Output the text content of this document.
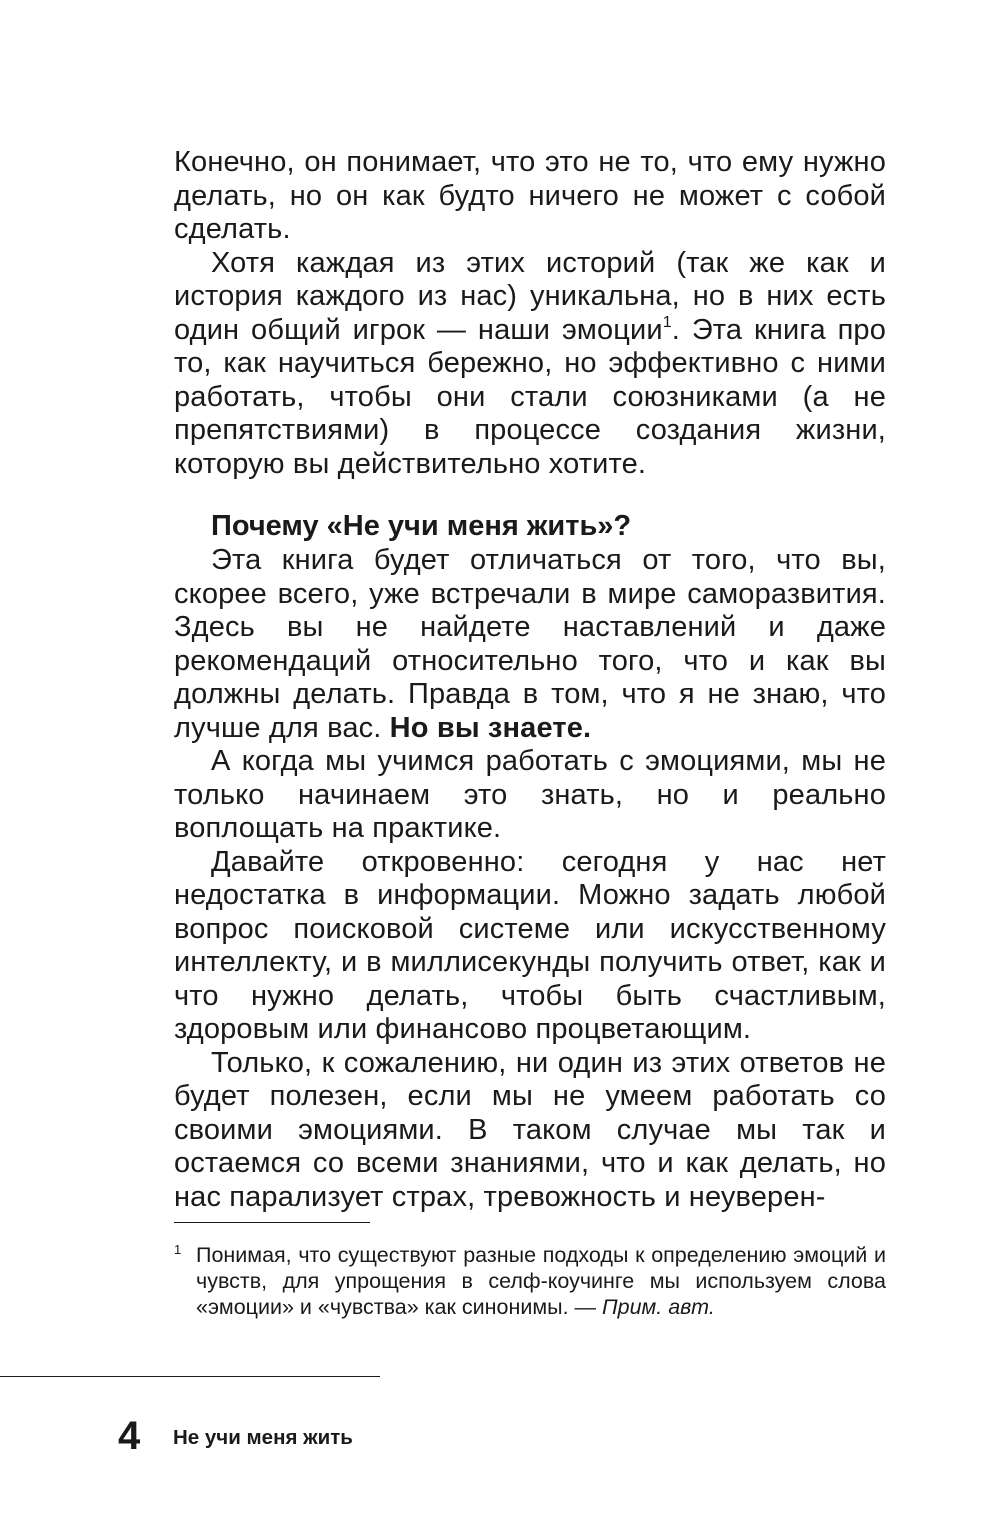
Конечно, он понимает, что это не то, что ему нужно делать, но он как будто ничего не может с собой сделать.

Хотя каждая из этих историй (так же как и история каждого из нас) уникальна, но в них есть один общий игрок — наши эмоции$^1$. Эта книга про то, как научиться бережно, но эффективно с ними работать, чтобы они стали союзниками (а не препятствиями) в процессе создания жизни, которую вы действительно хотите.

Почему «Не учи меня жить»?

Эта книга будет отличаться от того, что вы, скорее всего, уже встречали в мире саморазвития. Здесь вы не найдете наставлений и даже рекомендаций относительно того, что и как вы должны делать. Правда в том, что я не знаю, что лучше для вас. Но вы знаете.

А когда мы учимся работать с эмоциями, мы не только начинаем это знать, но и реально воплощать на практике.

Давайте откровенно: сегодня у нас нет недостатка в информации. Можно задать любой вопрос поисковой системе или искусственному интеллекту, и в миллисекунды получить ответ, как и что нужно делать, чтобы быть счастливым, здоровым или финансово процветающим.

Только, к сожалению, ни один из этих ответов не будет полезен, если мы не умеем работать со своими эмоциями. В таком случае мы так и остаемся со всеми знаниями, что и как делать, но нас парализует страх, тревожность и неуверен-

1 Понимая, что существуют разные подходы к определению эмоций и чувств, для упрощения в селф-коучинге мы используем слова «эмоции» и «чувства» как синонимы. — Прим. авт.
4 Не учи меня жить
